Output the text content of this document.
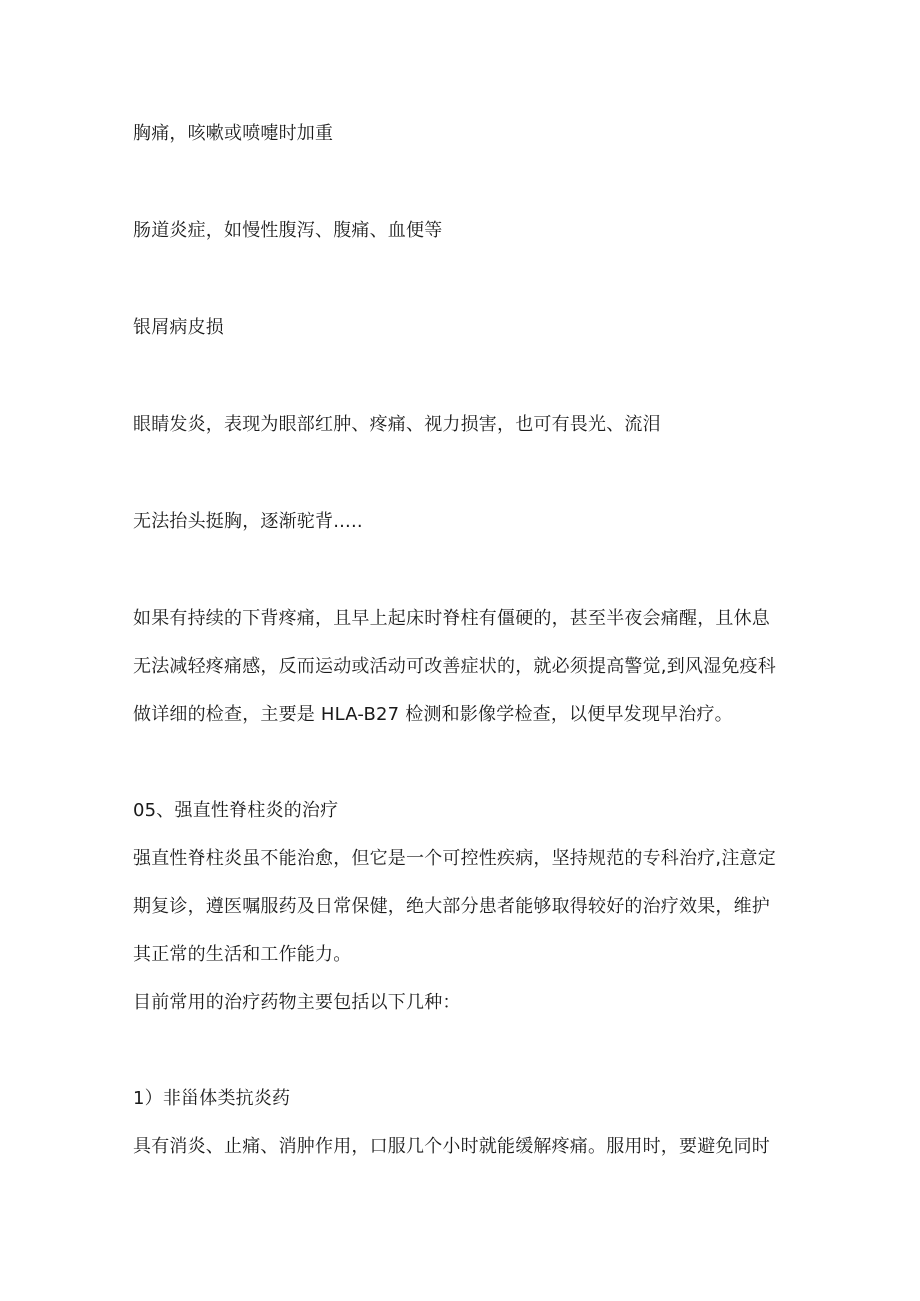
胸痛，咳嗽或喷嚏时加重
肠道炎症，如慢性腹泻、腹痛、血便等
银屑病皮损
眼睛发炎，表现为眼部红肿、疼痛、视力损害，也可有畏光、流泪
无法抬头挺胸，逐渐驼背.....
如果有持续的下背疼痛，且早上起床时脊柱有僵硬的，甚至半夜会痛醒，且休息
无法减轻疼痛感，反而运动或活动可改善症状的，就必须提高警觉,到风湿免疫科
做详细的检查，主要是 HLA-B27 检测和影像学检查，以便早发现早治疗。
05、强直性脊柱炎的治疗
强直性脊柱炎虽不能治愈，但它是一个可控性疾病，坚持规范的专科治疗,注意定
期复诊，遵医嘱服药及日常保健，绝大部分患者能够取得较好的治疗效果，维护
其正常的生活和工作能力。
目前常用的治疗药物主要包括以下几种：
1）非甾体类抗炎药
具有消炎、止痛、消肿作用，口服几个小时就能缓解疼痛。服用时，要避免同时
